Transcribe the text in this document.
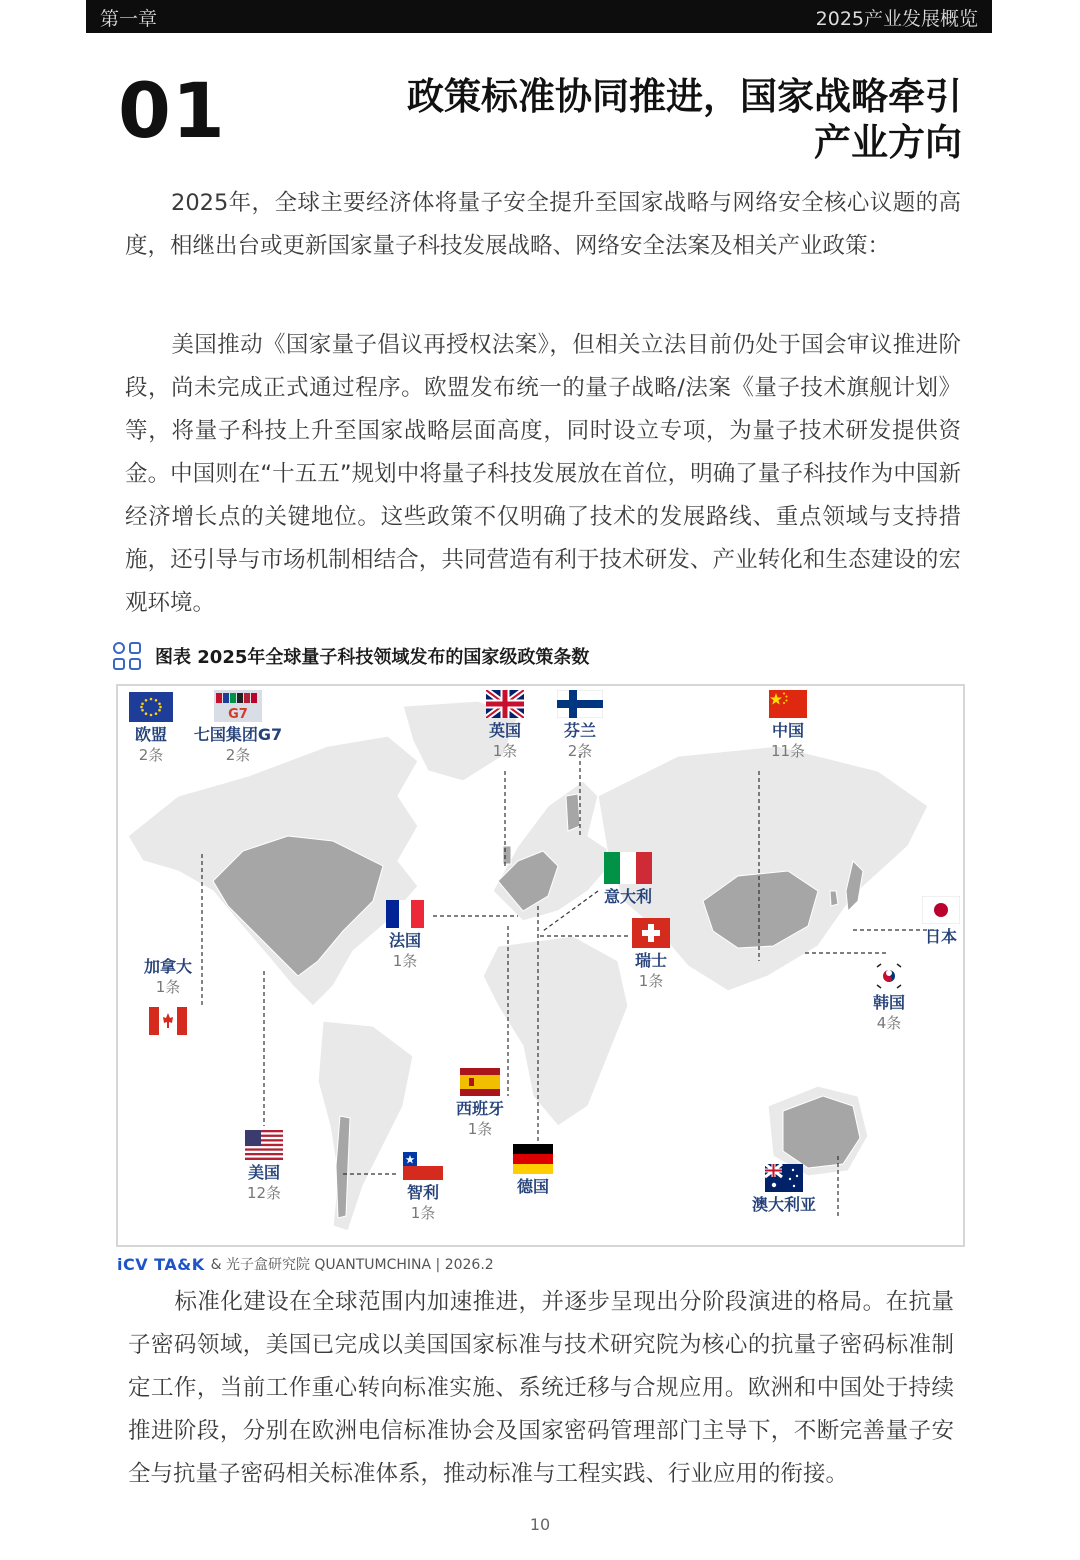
第一章	2025产业发展概览
01	政策标准协同推进，国家战略牵引
产业方向
2025年，全球主要经济体将量子安全提升至国家战略与网络安全核心议题的高度，相继出台或更新国家量子科技发展战略、网络安全法案及相关产业政策：
美国推动《国家量子倡议再授权法案》，但相关立法目前仍处于国会审议推进阶段，尚未完成正式通过程序。欧盟发布统一的量子战略/法案《量子技术旗舰计划》等，将量子科技上升至国家战略层面高度，同时设立专项，为量子技术研发提供资金。中国则在“十五五”规划中将量子科技发展放在首位，明确了量子科技作为中国新经济增长点的关键地位。这些政策不仅明确了技术的发展路线、重点领域与支持措施，还引导与市场机制相结合，共同营造有利于技术研发、产业转化和生态建设的宏观环境。
图表 2025年全球量子科技领域发布的国家级政策条数
欧盟
2条
G7
七国集团G7
2条
英国
1条
芬兰
2条
中国
11条
意大利
法国
1条	瑞士
1条
日本
加拿大
1条
韩国
4条
西班牙
1条
美国
12条	智利
1条
德国
澳大利亚
iCV TA&K & 光子盒研究院 QUANTUMCHINA | 2026.2
标准化建设在全球范围内加速推进，并逐步呈现出分阶段演进的格局。在抗量子密码领域，美国已完成以美国国家标准与技术研究院为核心的抗量子密码标准制定工作，当前工作重心转向标准实施、系统迁移与合规应用。欧洲和中国处于持续推进阶段，分别在欧洲电信标准协会及国家密码管理部门主导下，不断完善量子安全与抗量子密码相关标准体系，推动标准与工程实践、行业应用的衔接。
10
